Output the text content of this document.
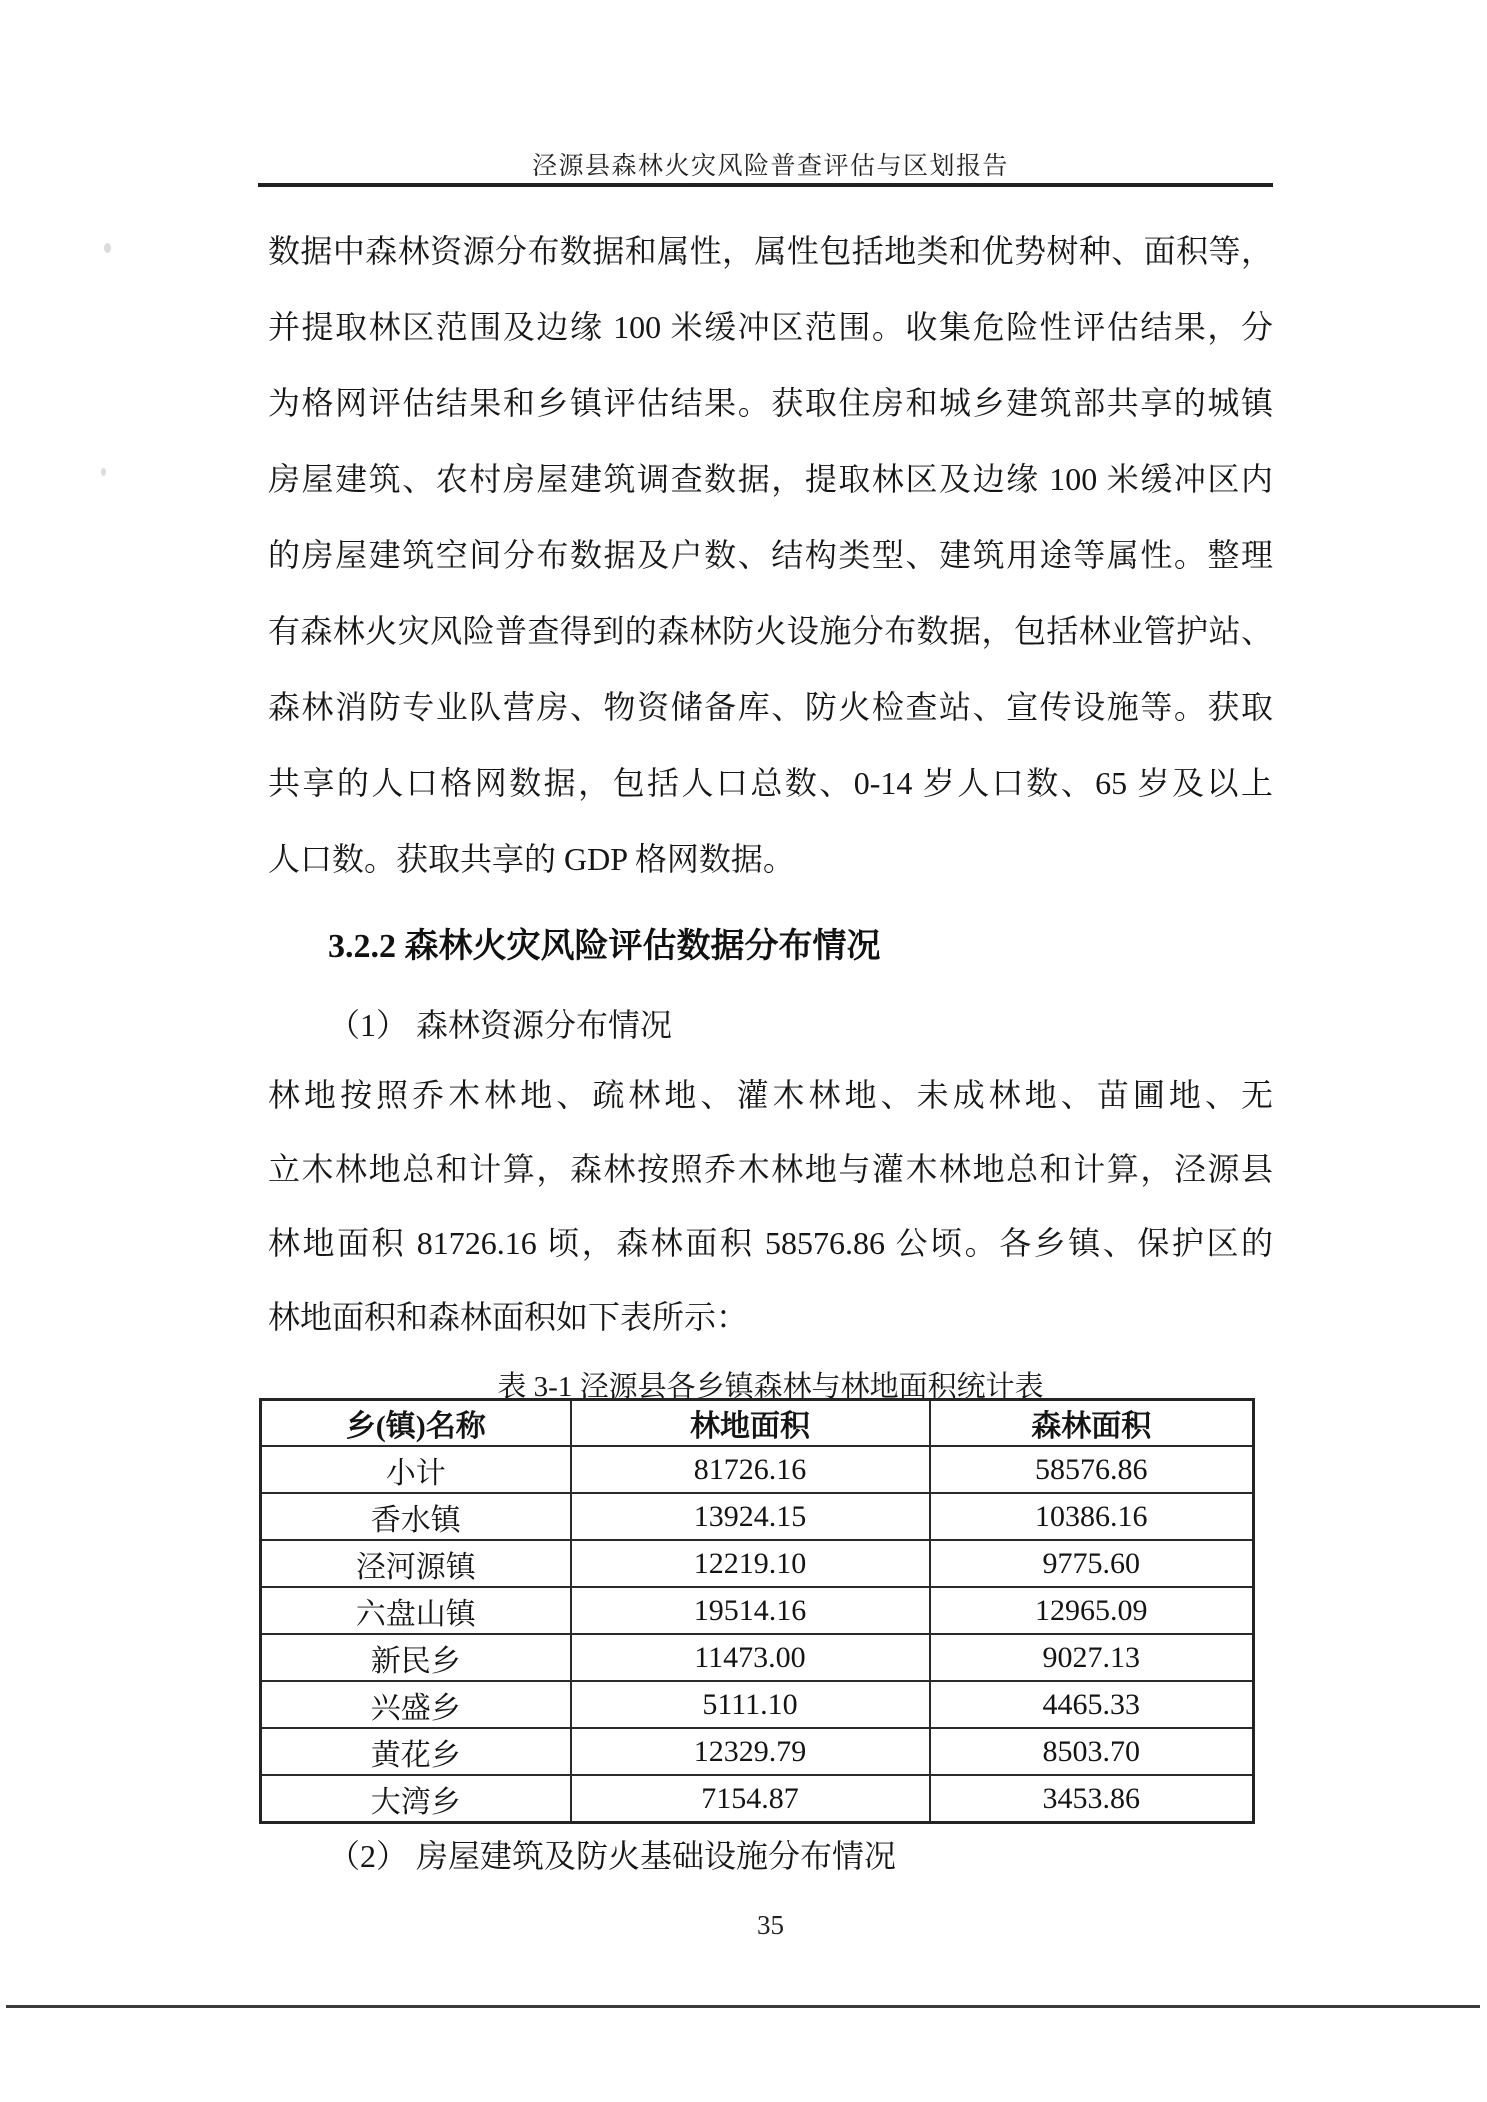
泾源县森林火灾风险普查评估与区划报告
数据中森林资源分布数据和属性，属性包括地类和优势树种、面积等，
并提取林区范围及边缘 100 米缓冲区范围。收集危险性评估结果，分
为格网评估结果和乡镇评估结果。获取住房和城乡建筑部共享的城镇
房屋建筑、农村房屋建筑调查数据，提取林区及边缘 100 米缓冲区内
的房屋建筑空间分布数据及户数、结构类型、建筑用途等属性。整理
有森林火灾风险普查得到的森林防火设施分布数据，包括林业管护站、
森林消防专业队营房、物资储备库、防火检查站、宣传设施等。获取
共享的人口格网数据，包括人口总数、0-14 岁人口数、65 岁及以上
人口数。获取共享的 GDP 格网数据。
3.2.2 森林火灾风险评估数据分布情况
（1） 森林资源分布情况
林地按照乔木林地、疏林地、灌木林地、未成林地、苗圃地、无
立木林地总和计算，森林按照乔木林地与灌木林地总和计算，泾源县
林地面积 81726.16 顷，森林面积 58576.86 公顷。各乡镇、保护区的
林地面积和森林面积如下表所示：
表 3-1 泾源县各乡镇森林与林地面积统计表
乡(镇)名称	林地面积	森林面积
小计	81726.16	58576.86
香水镇	13924.15	10386.16
泾河源镇	12219.10	9775.60
六盘山镇	19514.16	12965.09
新民乡	11473.00	9027.13
兴盛乡	5111.10	4465.33
黄花乡	12329.79	8503.70
大湾乡	7154.87	3453.86
（2） 房屋建筑及防火基础设施分布情况
35
